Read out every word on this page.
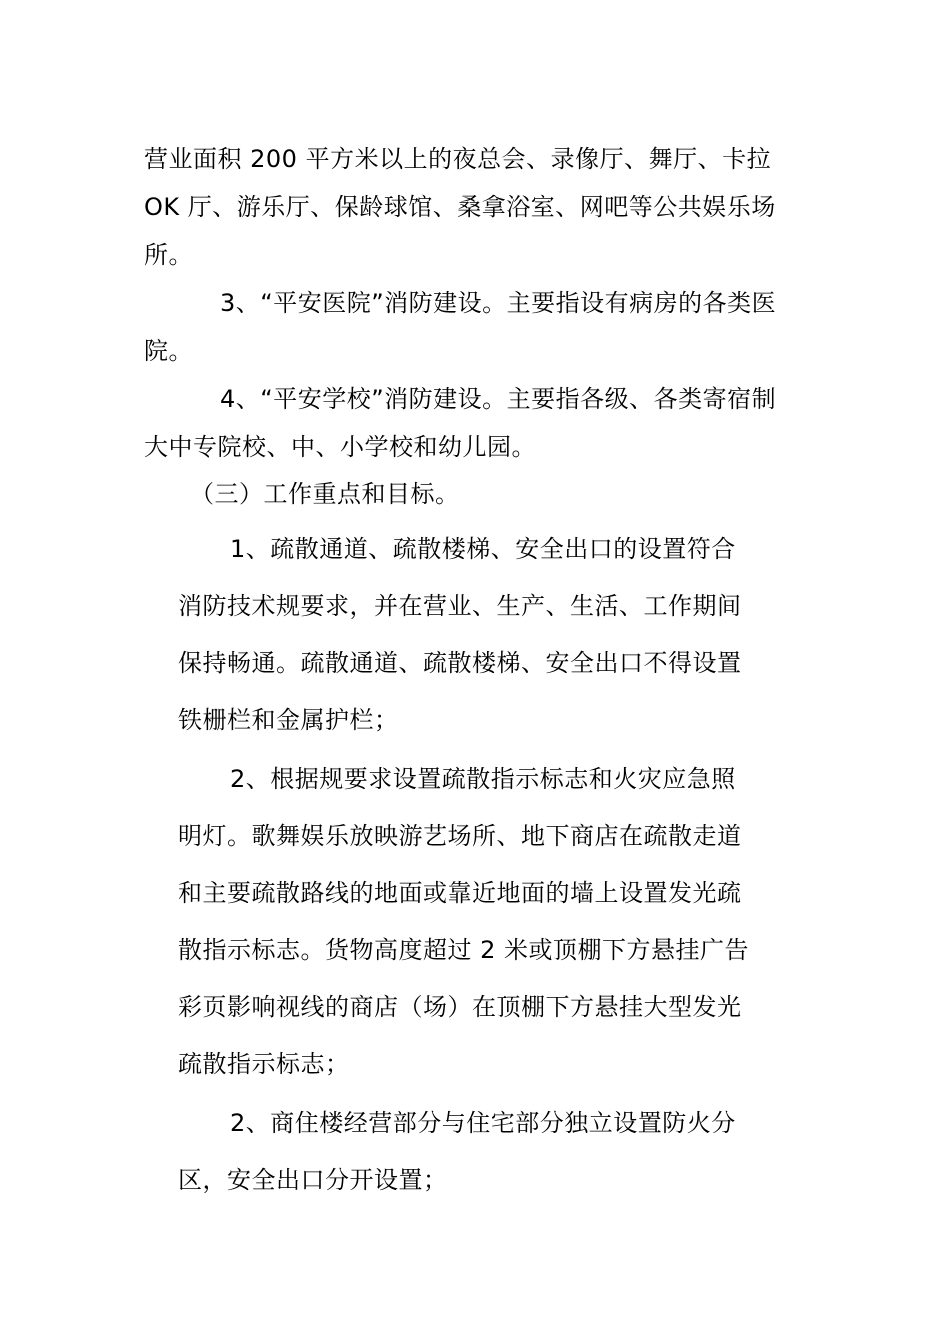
营业面积 200 平方米以上的夜总会、录像厅、舞厅、卡拉
OK 厅、游乐厅、保龄球馆、桑拿浴室、网吧等公共娱乐场
所。
3、“平安医院”消防建设。主要指设有病房的各类医
院。
4、“平安学校”消防建设。主要指各级、各类寄宿制
大中专院校、中、小学校和幼儿园。
（三）工作重点和目标。
1、疏散通道、疏散楼梯、安全出口的设置符合
消防技术规要求，并在营业、生产、生活、工作期间
保持畅通。疏散通道、疏散楼梯、安全出口不得设置
铁栅栏和金属护栏；
2、根据规要求设置疏散指示标志和火灾应急照
明灯。歌舞娱乐放映游艺场所、地下商店在疏散走道
和主要疏散路线的地面或靠近地面的墙上设置发光疏
散指示标志。货物高度超过 2 米或顶棚下方悬挂广告
彩页影响视线的商店（场）在顶棚下方悬挂大型发光
疏散指示标志；
2、商住楼经营部分与住宅部分独立设置防火分
区，安全出口分开设置；
